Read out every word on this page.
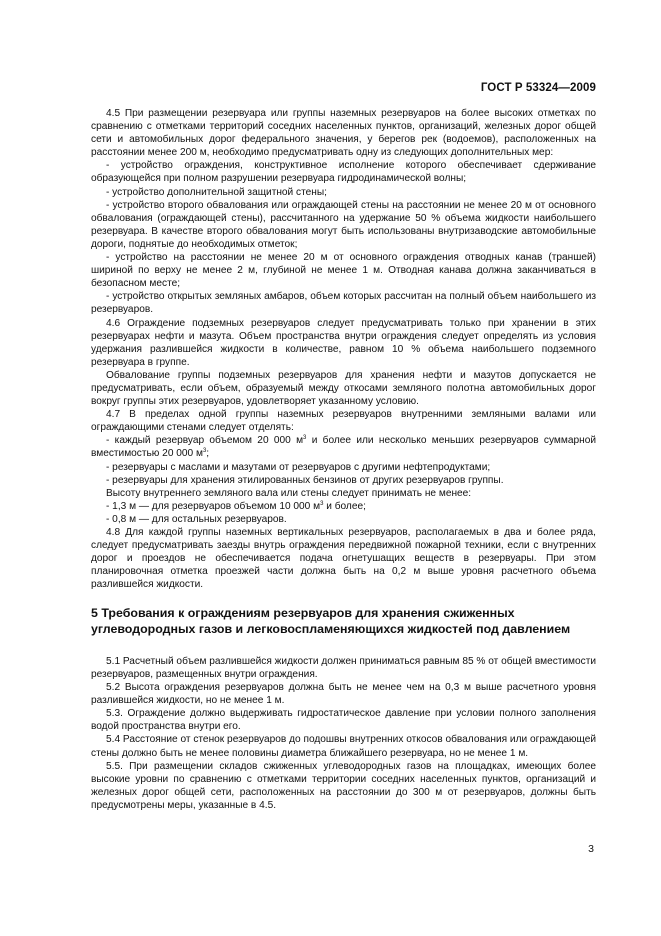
ГОСТ Р 53324—2009

4.5 При размещении резервуара или группы наземных резервуаров на более высоких отметках по сравнению с отметками территорий соседних населенных пунктов, организаций, железных дорог общей сети и автомобильных дорог федерального значения, у берегов рек (водоемов), расположенных на расстоянии менее 200 м, необходимо предусматривать одну из следующих дополнительных мер:

- устройство ограждения, конструктивное исполнение которого обеспечивает сдерживание образующейся при полном разрушении резервуара гидродинамической волны;

- устройство дополнительной защитной стены;

- устройство второго обвалования или ограждающей стены на расстоянии не менее 20 м от основного обвалования (ограждающей стены), рассчитанного на удержание 50 % объема жидкости наибольшего резервуара. В качестве второго обвалования могут быть использованы внутризаводские автомобильные дороги, поднятые до необходимых отметок;

- устройство на расстоянии не менее 20 м от основного ограждения отводных канав (траншей) шириной по верху не менее 2 м, глубиной не менее 1 м. Отводная канава должна заканчиваться в безопасном месте;

- устройство открытых земляных амбаров, объем которых рассчитан на полный объем наибольшего из резервуаров.

4.6 Ограждение подземных резервуаров следует предусматривать только при хранении в этих резервуарах нефти и мазута. Объем пространства внутри ограждения следует определять из условия удержания разлившейся жидкости в количестве, равном 10 % объема наибольшего подземного резервуара в группе.

Обвалование группы подземных резервуаров для хранения нефти и мазутов допускается не предусматривать, если объем, образуемый между откосами земляного полотна автомобильных дорог вокруг группы этих резервуаров, удовлетворяет указанному условию.

4.7 В пределах одной группы наземных резервуаров внутренними земляными валами или ограждающими стенами следует отделять:

- каждый резервуар объемом 20 000 $м^3$ и более или несколько меньших резервуаров суммарной вместимостью 20 000 $м^3$;

- резервуары с маслами и мазутами от резервуаров с другими нефтепродуктами;

- резервуары для хранения этилированных бензинов от других резервуаров группы.

Высоту внутреннего земляного вала или стены следует принимать не менее:

- 1,3 м — для резервуаров объемом 10 000 $м^3$ и более;

- 0,8 м — для остальных резервуаров.

4.8 Для каждой группы наземных вертикальных резервуаров, располагаемых в два и более ряда, следует предусматривать заезды внутрь ограждения передвижной пожарной техники, если с внутренних дорог и проездов не обеспечивается подача огнетушащих веществ в резервуары. При этом планировочная отметка проезжей части должна быть на 0,2 м выше уровня расчетного объема разлившейся жидкости.

5 Требования к ограждениям резервуаров для хранения сжиженных углеводородных газов и легковоспламеняющихся жидкостей под давлением

5.1 Расчетный объем разлившейся жидкости должен приниматься равным 85 % от общей вместимости резервуаров, размещенных внутри ограждения.

5.2 Высота ограждения резервуаров должна быть не менее чем на 0,3 м выше расчетного уровня разлившейся жидкости, но не менее 1 м.

5.3. Ограждение должно выдерживать гидростатическое давление при условии полного заполнения водой пространства внутри его.

5.4 Расстояние от стенок резервуаров до подошвы внутренних откосов обвалования или ограждающей стены должно быть не менее половины диаметра ближайшего резервуара, но не менее 1 м.

5.5. При размещении складов сжиженных углеводородных газов на площадках, имеющих более высокие уровни по сравнению с отметками территории соседних населенных пунктов, организаций и железных дорог общей сети, расположенных на расстоянии до 300 м от резервуаров, должны быть предусмотрены меры, указанные в 4.5.

3
